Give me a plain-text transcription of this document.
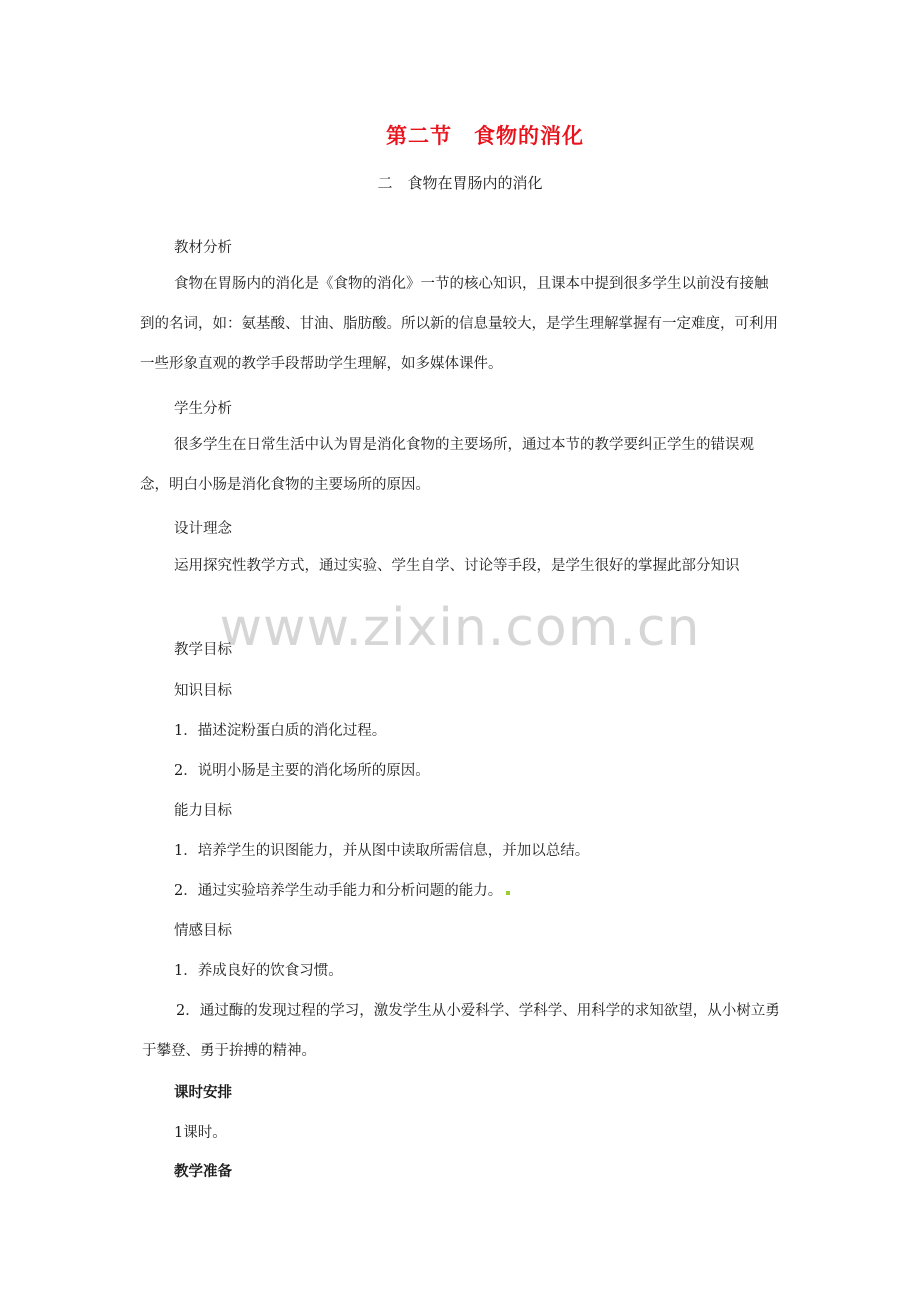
第二节　食物的消化
二　食物在胃肠内的消化
教材分析
食物在胃肠内的消化是《食物的消化》一节的核心知识，且课本中提到很多学生以前没有接触到的名词，如：氨基酸、甘油、脂肪酸。所以新的信息量较大，是学生理解掌握有一定难度，可利用一些形象直观的教学手段帮助学生理解，如多媒体课件。
学生分析
很多学生在日常生活中认为胃是消化食物的主要场所，通过本节的教学要纠正学生的错误观念，明白小肠是消化食物的主要场所的原因。
设计理念
运用探究性教学方式，通过实验、学生自学、讨论等手段，是学生很好的掌握此部分知识
www.zixin.com.cn
教学目标
知识目标
1．描述淀粉蛋白质的消化过程。
2．说明小肠是主要的消化场所的原因。
能力目标
1．培养学生的识图能力，并从图中读取所需信息，并加以总结。
2．通过实验培养学生动手能力和分析问题的能力。
情感目标
1．养成良好的饮食习惯。
2．通过酶的发现过程的学习，激发学生从小爱科学、学科学、用科学的求知欲望，从小树立勇于攀登、勇于拚搏的精神。
课时安排
1课时。
教学准备
